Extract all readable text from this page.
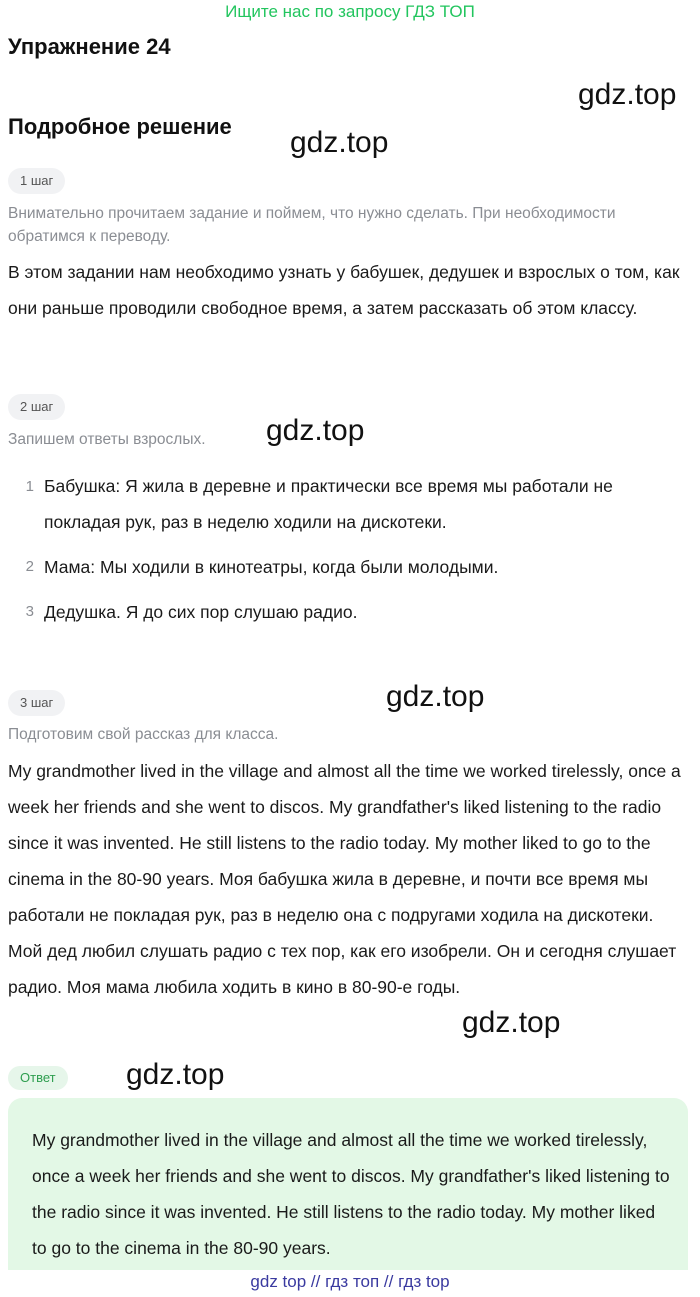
Ищите нас по запросу ГДЗ ТОП
Упражнение 24
gdz.top
Подробное решение gdz.top
1 шаг
Внимательно прочитаем задание и поймем, что нужно сделать. При необходимости обратимся к переводу.
В этом задании нам необходимо узнать у бабушек, дедушек и взрослых о том, как они раньше проводили свободное время, а затем рассказать об этом классу.
2 шаг
Запишем ответы взрослых.	gdz.top
1 Бабушка: Я жила в деревне и практически все время мы работали не покладая рук, раз в неделю ходили на дискотеки.
2 Мама: Мы ходили в кинотеатры, когда были молодыми.
3 Дедушка. Я до сих пор слушаю радио.
3 шаг	gdz.top
Подготовим свой рассказ для класса.
My grandmother lived in the village and almost all the time we worked tirelessly, once a week her friends and she went to discos. My grandfather's liked listening to the radio since it was invented. He still listens to the radio today. My mother liked to go to the cinema in the 80-90 years. Моя бабушка жила в деревне, и почти все время мы работали не покладая рук, раз в неделю она с подругами ходила на дискотеки. Мой дед любил слушать радио с тех пор, как его изобрели. Он и сегодня слушает радио. Моя мама любила ходить в кино в 80-90-е годы.
gdz.top
Ответ	gdz.top
My grandmother lived in the village and almost all the time we worked tirelessly, once a week her friends and she went to discos. My grandfather's liked listening to the radio since it was invented. He still listens to the radio today. My mother liked to go to the cinema in the 80-90 years.
gdz top // гдз топ // гдз top
